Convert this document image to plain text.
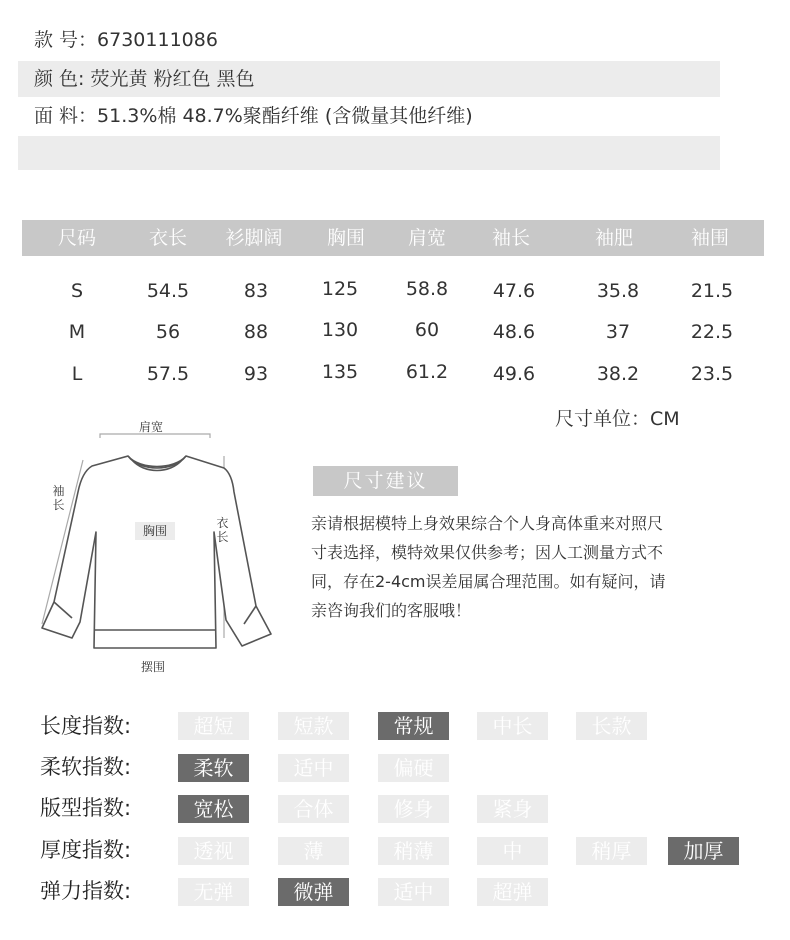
款 号：6730111086
颜 色: 荧光黄 粉红色 黑色
面 料：51.3%棉 48.7%聚酯纤维 (含微量其他纤维)
尺码	衣长 衫脚阔 胸围 肩宽 袖长	袖肥	袖围
S	54.5	83	125	58.8 47.6	35.8	21.5
M	56	88	130	60	48.6	37	22.5
L	57.5	93	135	61.2 49.6	38.2	23.5
尺寸单位：CM
肩宽
袖长
胸围
衣长
摆围
尺寸建议
亲请根据模特上身效果综合个人身高体重来对照尺
寸表选择，模特效果仅供参考；因人工测量方式不
同，存在2-4cm误差届属合理范围。如有疑问，请
亲咨询我们的客服哦！
长度指数:	超短	短款	常规	中长	长款
柔软指数:	柔软	适中	偏硬
版型指数:	宽松	合体	修身	紧身
厚度指数:	透视	薄	稍薄	中	稍厚	加厚
弹力指数:	无弹	微弹	适中	超弹
